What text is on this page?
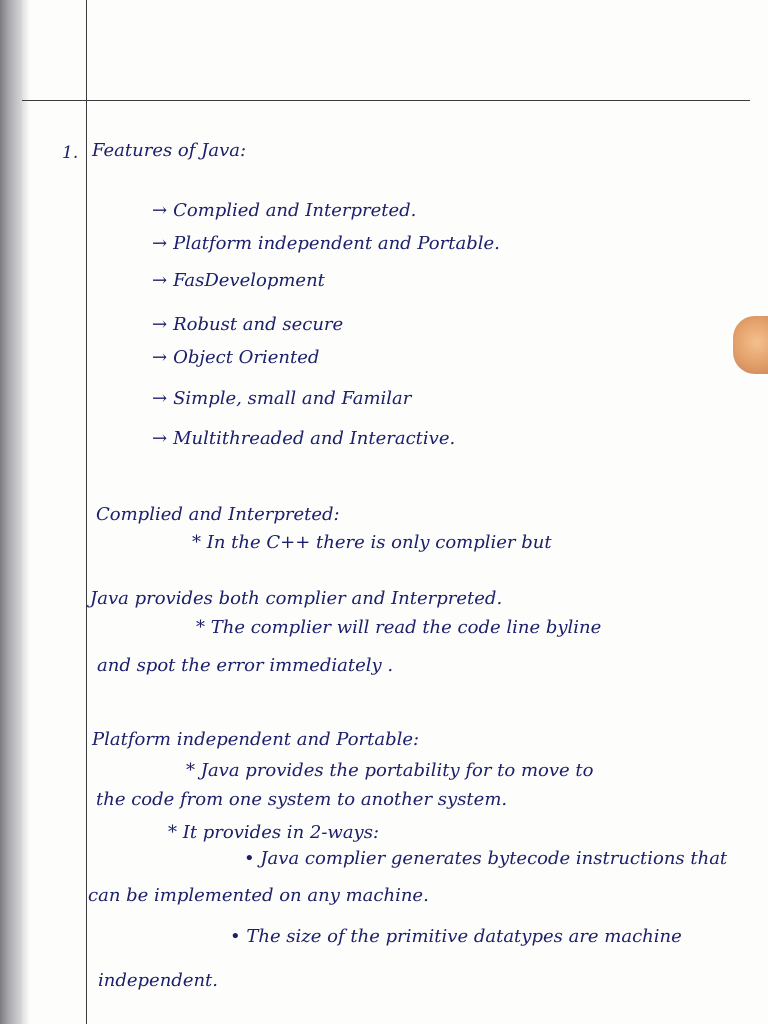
1. Features of Java:
→ Complied and Interpreted.
→ Platform independent and Portable.
→ FasDevelopment
→ Robust and secure
→ Object Oriented
→ Simple, small and Familar
→ Multithreaded and Interactive.
Complied and Interpreted:
* In the C++ there is only complier but
Java provides both complier and Interpreted.
* The complier will read the code line byline
and spot the error immediately .
Platform independent and Portable:
* Java provides the portability for to move to
the code from one system to another system.
* It provides in 2-ways:
• Java complier generates bytecode instructions that
can be implemented on any machine.
• The size of the primitive datatypes are machine
independent.
